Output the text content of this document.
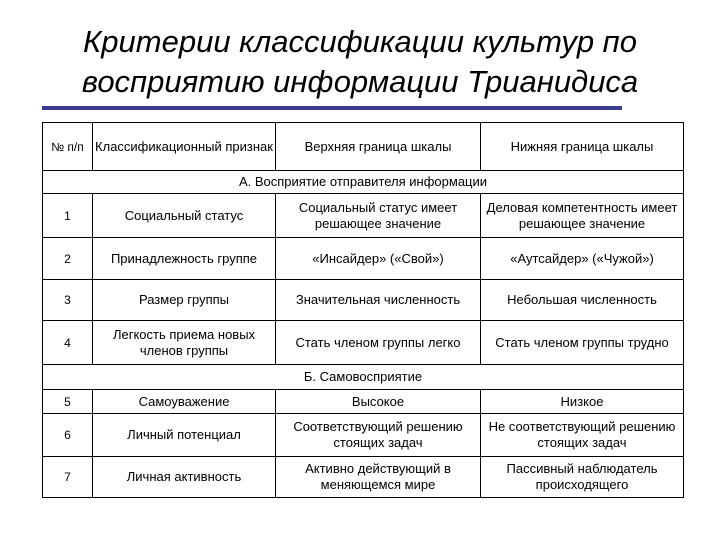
Критерии классификации культур по
восприятию информации Трианидиса
№ п/п	Классификационный признак	Верхняя граница шкалы	Нижняя граница шкалы
А. Восприятие отправителя информации			
1	Социальный статус	Социальный статус имеет решающее значение	Деловая компетентность имеет решающее значение
2	Принадлежность группе	«Инсайдер» («Свой»)	«Аутсайдер» («Чужой»)
3	Размер группы	Значительная численность	Небольшая численность
4	Легкость приема новых членов группы	Стать членом группы легко	Стать членом группы трудно
Б. Самовосприятие			
5	Самоуважение	Высокое	Низкое
6	Личный потенциал	Соответствующий решению стоящих задач	Не соответствующий решению стоящих задач
7	Личная активность	Активно действующий в меняющемся мире	Пассивный наблюдатель происходящего
